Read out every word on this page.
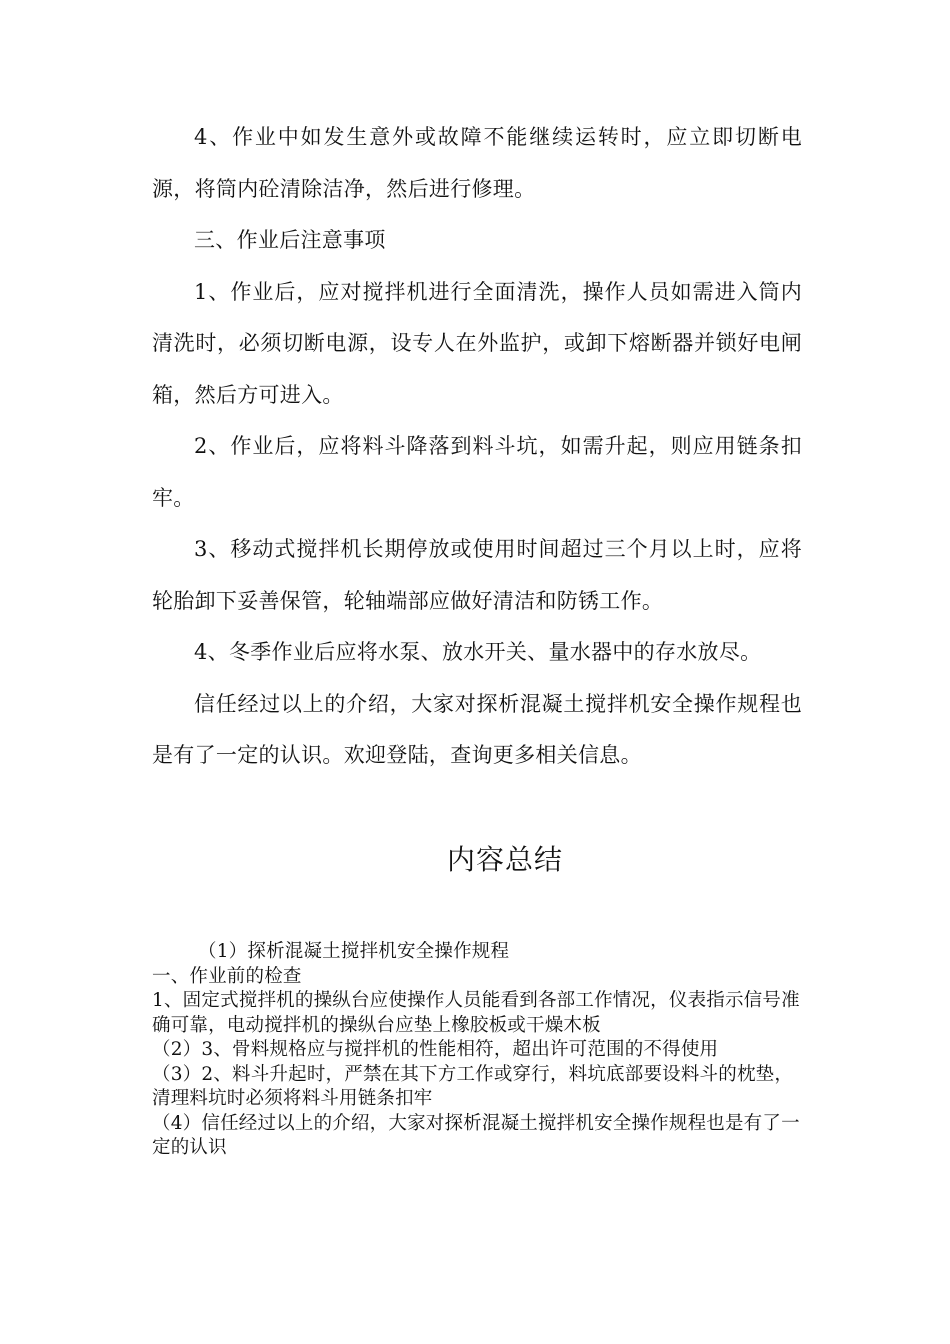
4、作业中如发生意外或故障不能继续运转时，应立即切断电源，将筒内砼清除洁净，然后进行修理。

三、作业后注意事项

1、作业后，应对搅拌机进行全面清洗，操作人员如需进入筒内清洗时，必须切断电源，设专人在外监护，或卸下熔断器并锁好电闸箱，然后方可进入。

2、作业后，应将料斗降落到料斗坑，如需升起，则应用链条扣牢。

3、移动式搅拌机长期停放或使用时间超过三个月以上时，应将轮胎卸下妥善保管，轮轴端部应做好清洁和防锈工作。

4、冬季作业后应将水泵、放水开关、量水器中的存水放尽。

信任经过以上的介绍，大家对探析混凝土搅拌机安全操作规程也是有了一定的认识。欢迎登陆，查询更多相关信息。

内容总结

（1）探析混凝土搅拌机安全操作规程

一、作业前的检查

1、固定式搅拌机的操纵台应使操作人员能看到各部工作情况，仪表指示信号准确可靠，电动搅拌机的操纵台应垫上橡胶板或干燥木板

（2）3、骨料规格应与搅拌机的性能相符，超出许可范围的不得使用

（3）2、料斗升起时，严禁在其下方工作或穿行，料坑底部要设料斗的枕垫，清理料坑时必须将料斗用链条扣牢

（4）信任经过以上的介绍，大家对探析混凝土搅拌机安全操作规程也是有了一定的认识
